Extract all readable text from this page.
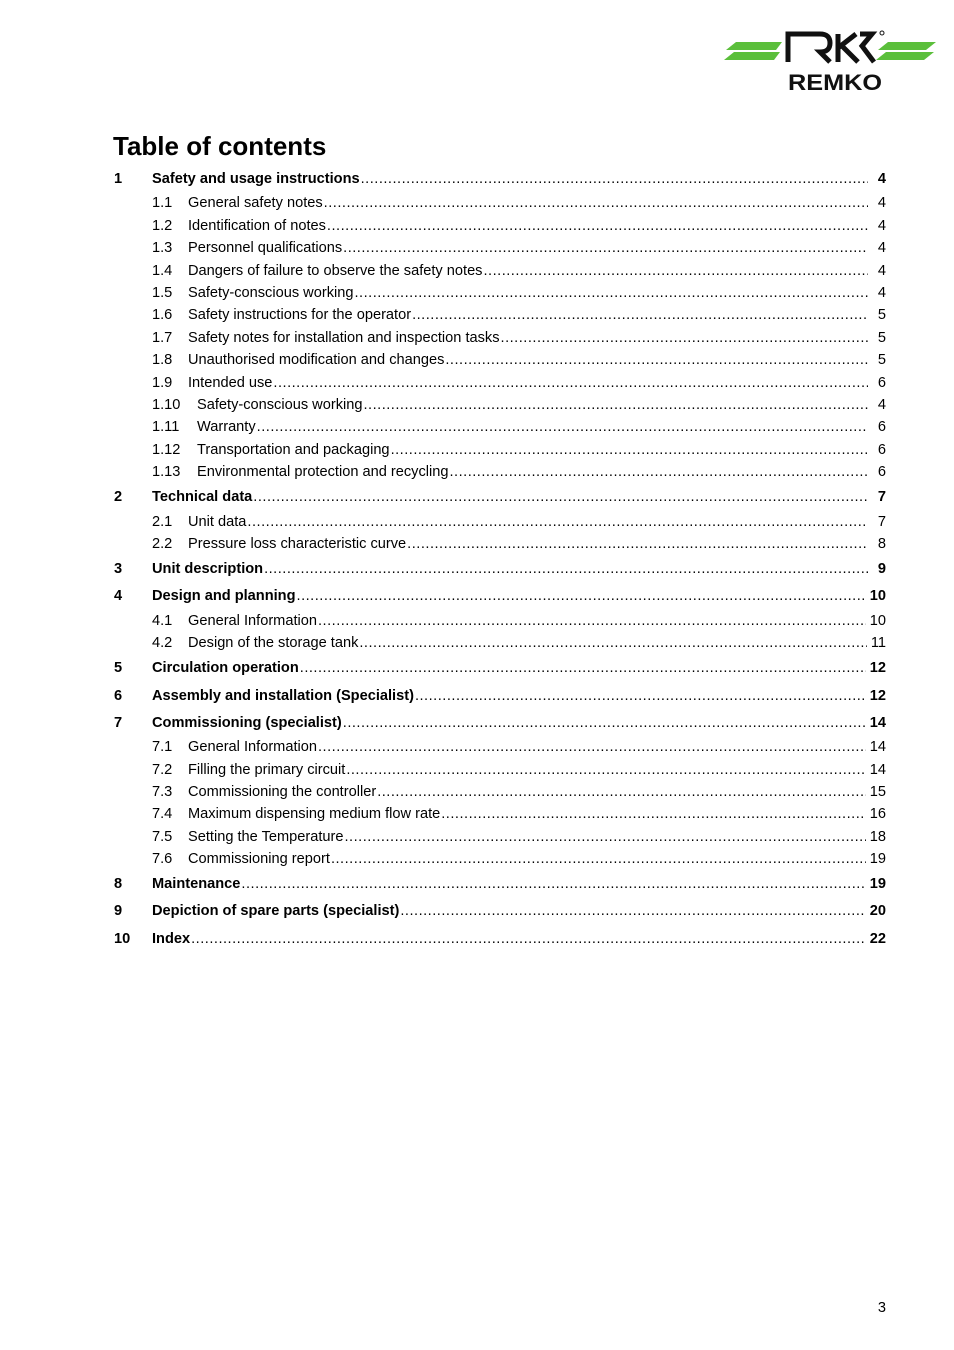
REMKO
Table of contents
1	Safety and usage instructions .....	4
1.1	General safety notes .....	4
1.2	Identification of notes .....	4
1.3	Personnel qualifications .....	4
1.4	Dangers of failure to observe the safety notes .....	4
1.5	Safety-conscious working .....	4
1.6	Safety instructions for the operator .....	5
1.7	Safety notes for installation and inspection tasks .....	5
1.8	Unauthorised modification and changes .....	5
1.9	Intended use .....	6
1.10	Safety-conscious working .....	4
1.11	Warranty .....	6
1.12	Transportation and packaging .....	6
1.13	Environmental protection and recycling .....	6
2	Technical data .....	7
2.1	Unit data .....	7
2.2	Pressure loss characteristic curve .....	8
3	Unit description .....	9
4	Design and planning .....	10
4.1	General Information .....	10
4.2	Design of the storage tank .....	11
5	Circulation operation .....	12
6	Assembly and installation (Specialist) .....	12
7	Commissioning (specialist) .....	14
7.1	General Information .....	14
7.2	Filling the primary circuit .....	14
7.3	Commissioning the controller .....	15
7.4	Maximum dispensing medium flow rate .....	16
7.5	Setting the Temperature .....	18
7.6	Commissioning report .....	19
8	Maintenance .....	19
9	Depiction of spare parts (specialist) .....	20
10	Index .....	22
3
